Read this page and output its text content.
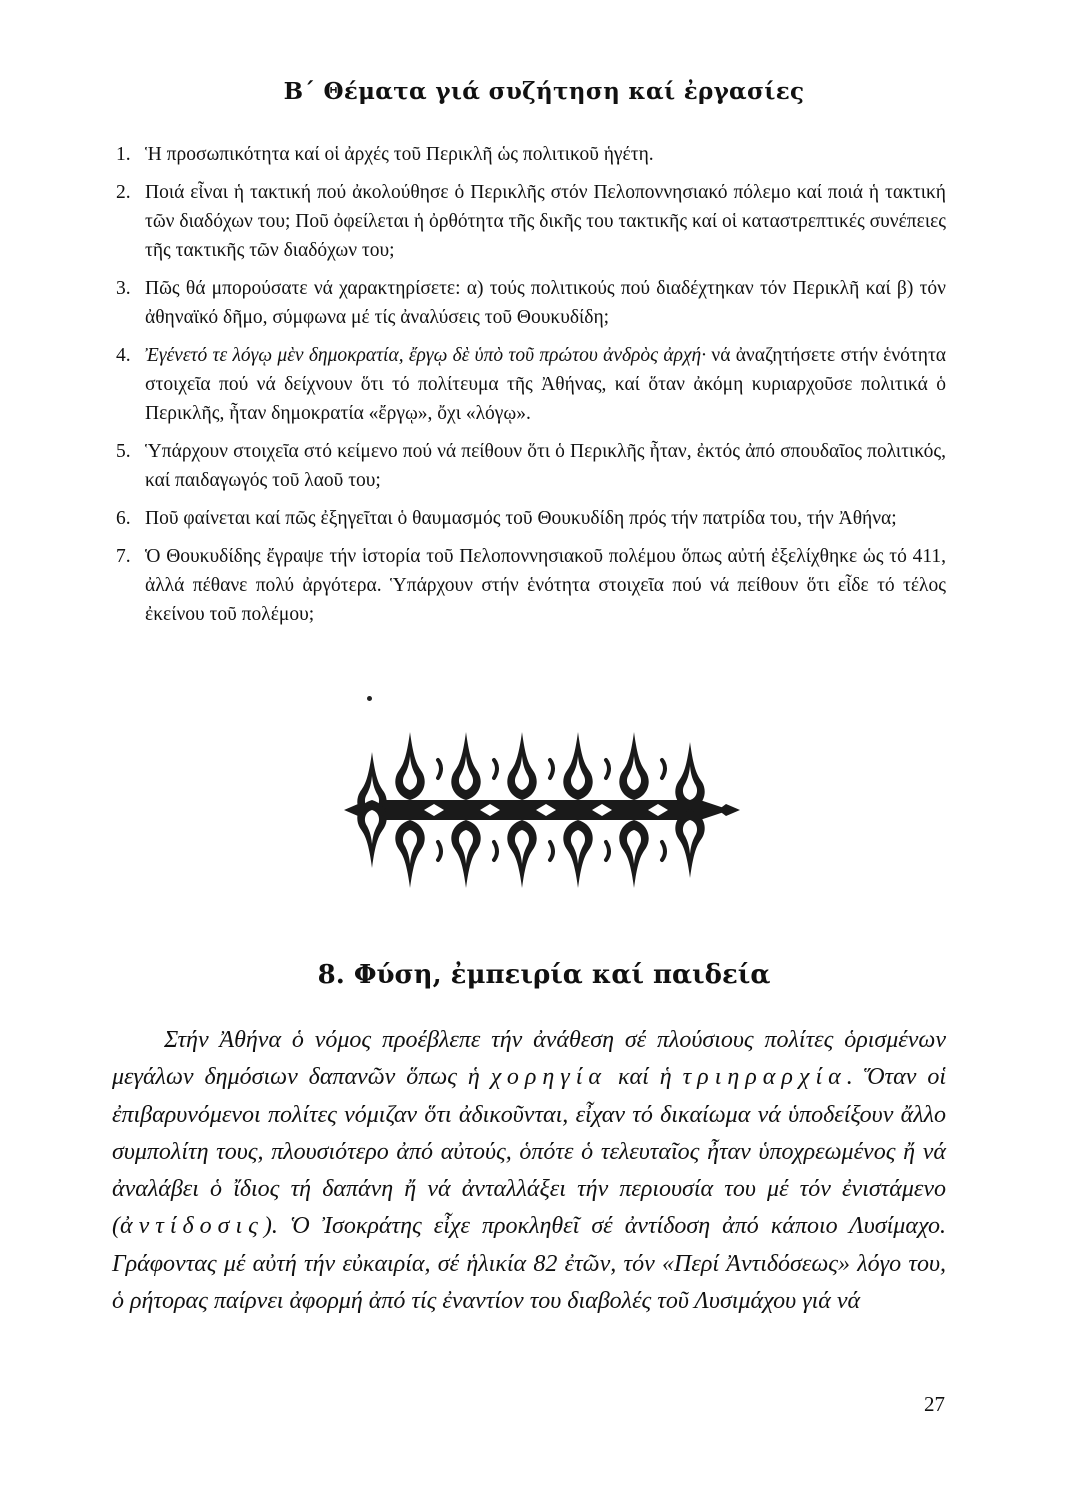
Β΄ Θέματα γιά συζήτηση καί ἐργασίες
1. Ἡ προσωπικότητα καί οἱ ἀρχές τοῦ Περικλῆ ὡς πολιτικοῦ ἡγέτη.
2. Ποιά εἶναι ἡ τακτική πού ἀκολούθησε ὁ Περικλῆς στόν Πελοποννησιακό πόλεμο καί ποιά ἡ τακτική τῶν διαδόχων του; Ποῦ ὀφείλεται ἡ ὀρθότητα τῆς δικῆς του τακτικῆς καί οἱ καταστρεπτικές συνέπειες τῆς τακτικῆς τῶν διαδόχων του;
3. Πῶς θά μπορούσατε νά χαρακτηρίσετε: α) τούς πολιτικούς πού διαδέχτηκαν τόν Περικλῆ καί β) τόν ἀθηναϊκό δῆμο, σύμφωνα μέ τίς ἀναλύσεις τοῦ Θουκυδίδη;
4. Ἐγένετό τε λόγῳ μὲν δημοκρατία, ἔργῳ δὲ ὑπὸ τοῦ πρώτου ἀνδρὸς ἀρχή· νά ἀναζητήσετε στήν ἑνότητα στοιχεῖα πού νά δείχνουν ὅτι τό πολίτευμα τῆς Ἀθήνας, καί ὅταν ἀκόμη κυριαρχοῦσε πολιτικά ὁ Περικλῆς, ἦταν δημοκρατία «ἔργῳ», ὄχι «λόγῳ».
5. Ὑπάρχουν στοιχεῖα στό κείμενο πού νά πείθουν ὅτι ὁ Περικλῆς ἦταν, ἐκτός ἀπό σπουδαῖος πολιτικός, καί παιδαγωγός τοῦ λαοῦ του;
6. Ποῦ φαίνεται καί πῶς ἐξηγεῖται ὁ θαυμασμός τοῦ Θουκυδίδη πρός τήν πατρίδα του, τήν Ἀθήνα;
7. Ὁ Θουκυδίδης ἔγραψε τήν ἱστορία τοῦ Πελοποννησιακοῦ πολέμου ὅπως αὐτή ἐξελίχθηκε ὡς τό 411, ἀλλά πέθανε πολύ ἀργότερα. Ὑπάρχουν στήν ἑνότητα στοιχεῖα πού νά πείθουν ὅτι εἶδε τό τέλος ἐκείνου τοῦ πολέμου;
8. Φύση, ἐμπειρία καί παιδεία

Στήν Ἀθήνα ὁ νόμος προέβλεπε τήν ἀνάθεση σέ πλούσιους πολίτες ὁρισμένων μεγάλων δημόσιων δαπανῶν ὅπως ἡ χορηγία καί ἡ τριηραρχία. Ὅταν οἱ ἐπιβαρυνόμενοι πολίτες νόμιζαν ὅτι ἀδικοῦνται, εἶχαν τό δικαίωμα νά ὑποδείξουν ἄλλο συμπολίτη τους, πλουσιότερο ἀπό αὐτούς, ὁπότε ὁ τελευταῖος ἦταν ὑποχρεωμένος ἤ νά ἀναλάβει ὁ ἴδιος τή δαπάνη ἤ νά ἀνταλλάξει τήν περιουσία του μέ τόν ἐνιστάμενο (ἀντίδοσις). Ὁ Ἰσοκράτης εἶχε προκληθεῖ σέ ἀντίδοση ἀπό κάποιο Λυσίμαχο. Γράφοντας μέ αὐτή τήν εὐκαιρία, σέ ἡλικία 82 ἐτῶν, τόν «Περί Ἀντιδόσεως» λόγο του, ὁ ρήτορας παίρνει ἀφορμή ἀπό τίς ἐναντίον του διαβολές τοῦ Λυσιμάχου γιά νά

27
